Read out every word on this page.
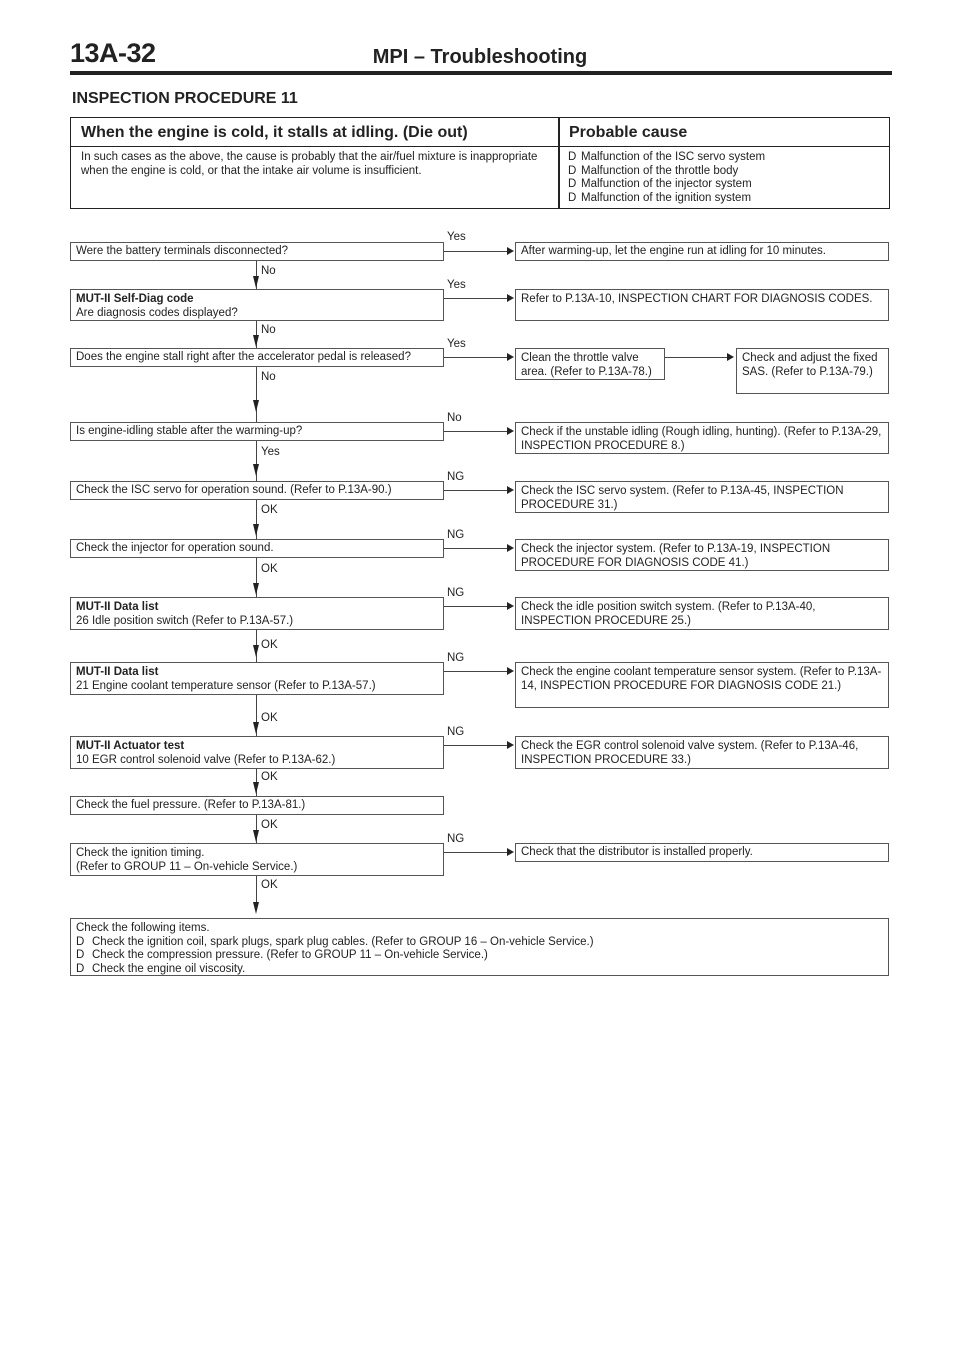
13A-32	MPI – Troubleshooting
INSPECTION PROCEDURE 11
When the engine is cold, it stalls at idling. (Die out)	Probable cause
In such cases as the above, the cause is probably that the air/fuel mixture is inappropriate when the engine is cold, or that the intake air volume is insufficient.
D Malfunction of the ISC servo system
D Malfunction of the throttle body
D Malfunction of the injector system
D Malfunction of the ignition system
Were the battery terminals disconnected?
Yes
After warming-up, let the engine run at idling for 10 minutes.
No
MUT-II Self-Diag code
Are diagnosis codes displayed?
Yes
Refer to P.13A-10, INSPECTION CHART FOR DIAGNOSIS CODES.
No
Does the engine stall right after the accelerator pedal is released?
Yes
Clean the throttle valve area. (Refer to P.13A-78.)
Check and adjust the fixed SAS. (Refer to P.13A-79.)
No
Is engine-idling stable after the warming-up?
No
Check if the unstable idling (Rough idling, hunting). (Refer to P.13A-29, INSPECTION PROCEDURE 8.)
Yes
Check the ISC servo for operation sound. (Refer to P.13A-90.)
NG
Check the ISC servo system. (Refer to P.13A-45, INSPECTION PROCEDURE 31.)
OK
Check the injector for operation sound.
NG
Check the injector system. (Refer to P.13A-19, INSPECTION PROCEDURE FOR DIAGNOSIS CODE 41.)
OK
MUT-II Data list
26 Idle position switch (Refer to P.13A-57.)
NG
Check the idle position switch system. (Refer to P.13A-40, INSPECTION PROCEDURE 25.)
OK
MUT-II Data list
21 Engine coolant temperature sensor (Refer to P.13A-57.)
NG
Check the engine coolant temperature sensor system. (Refer to P.13A-14, INSPECTION PROCEDURE FOR DIAGNOSIS CODE 21.)
OK
MUT-II Actuator test
10 EGR control solenoid valve (Refer to P.13A-62.)
NG
Check the EGR control solenoid valve system. (Refer to P.13A-46, INSPECTION PROCEDURE 33.)
OK
Check the fuel pressure. (Refer to P.13A-81.)
OK
Check the ignition timing.
(Refer to GROUP 11 – On-vehicle Service.)
NG
Check that the distributor is installed properly.
OK
Check the following items.
D Check the ignition coil, spark plugs, spark plug cables. (Refer to GROUP 16 – On-vehicle Service.)
D Check the compression pressure. (Refer to GROUP 11 – On-vehicle Service.)
D Check the engine oil viscosity.
